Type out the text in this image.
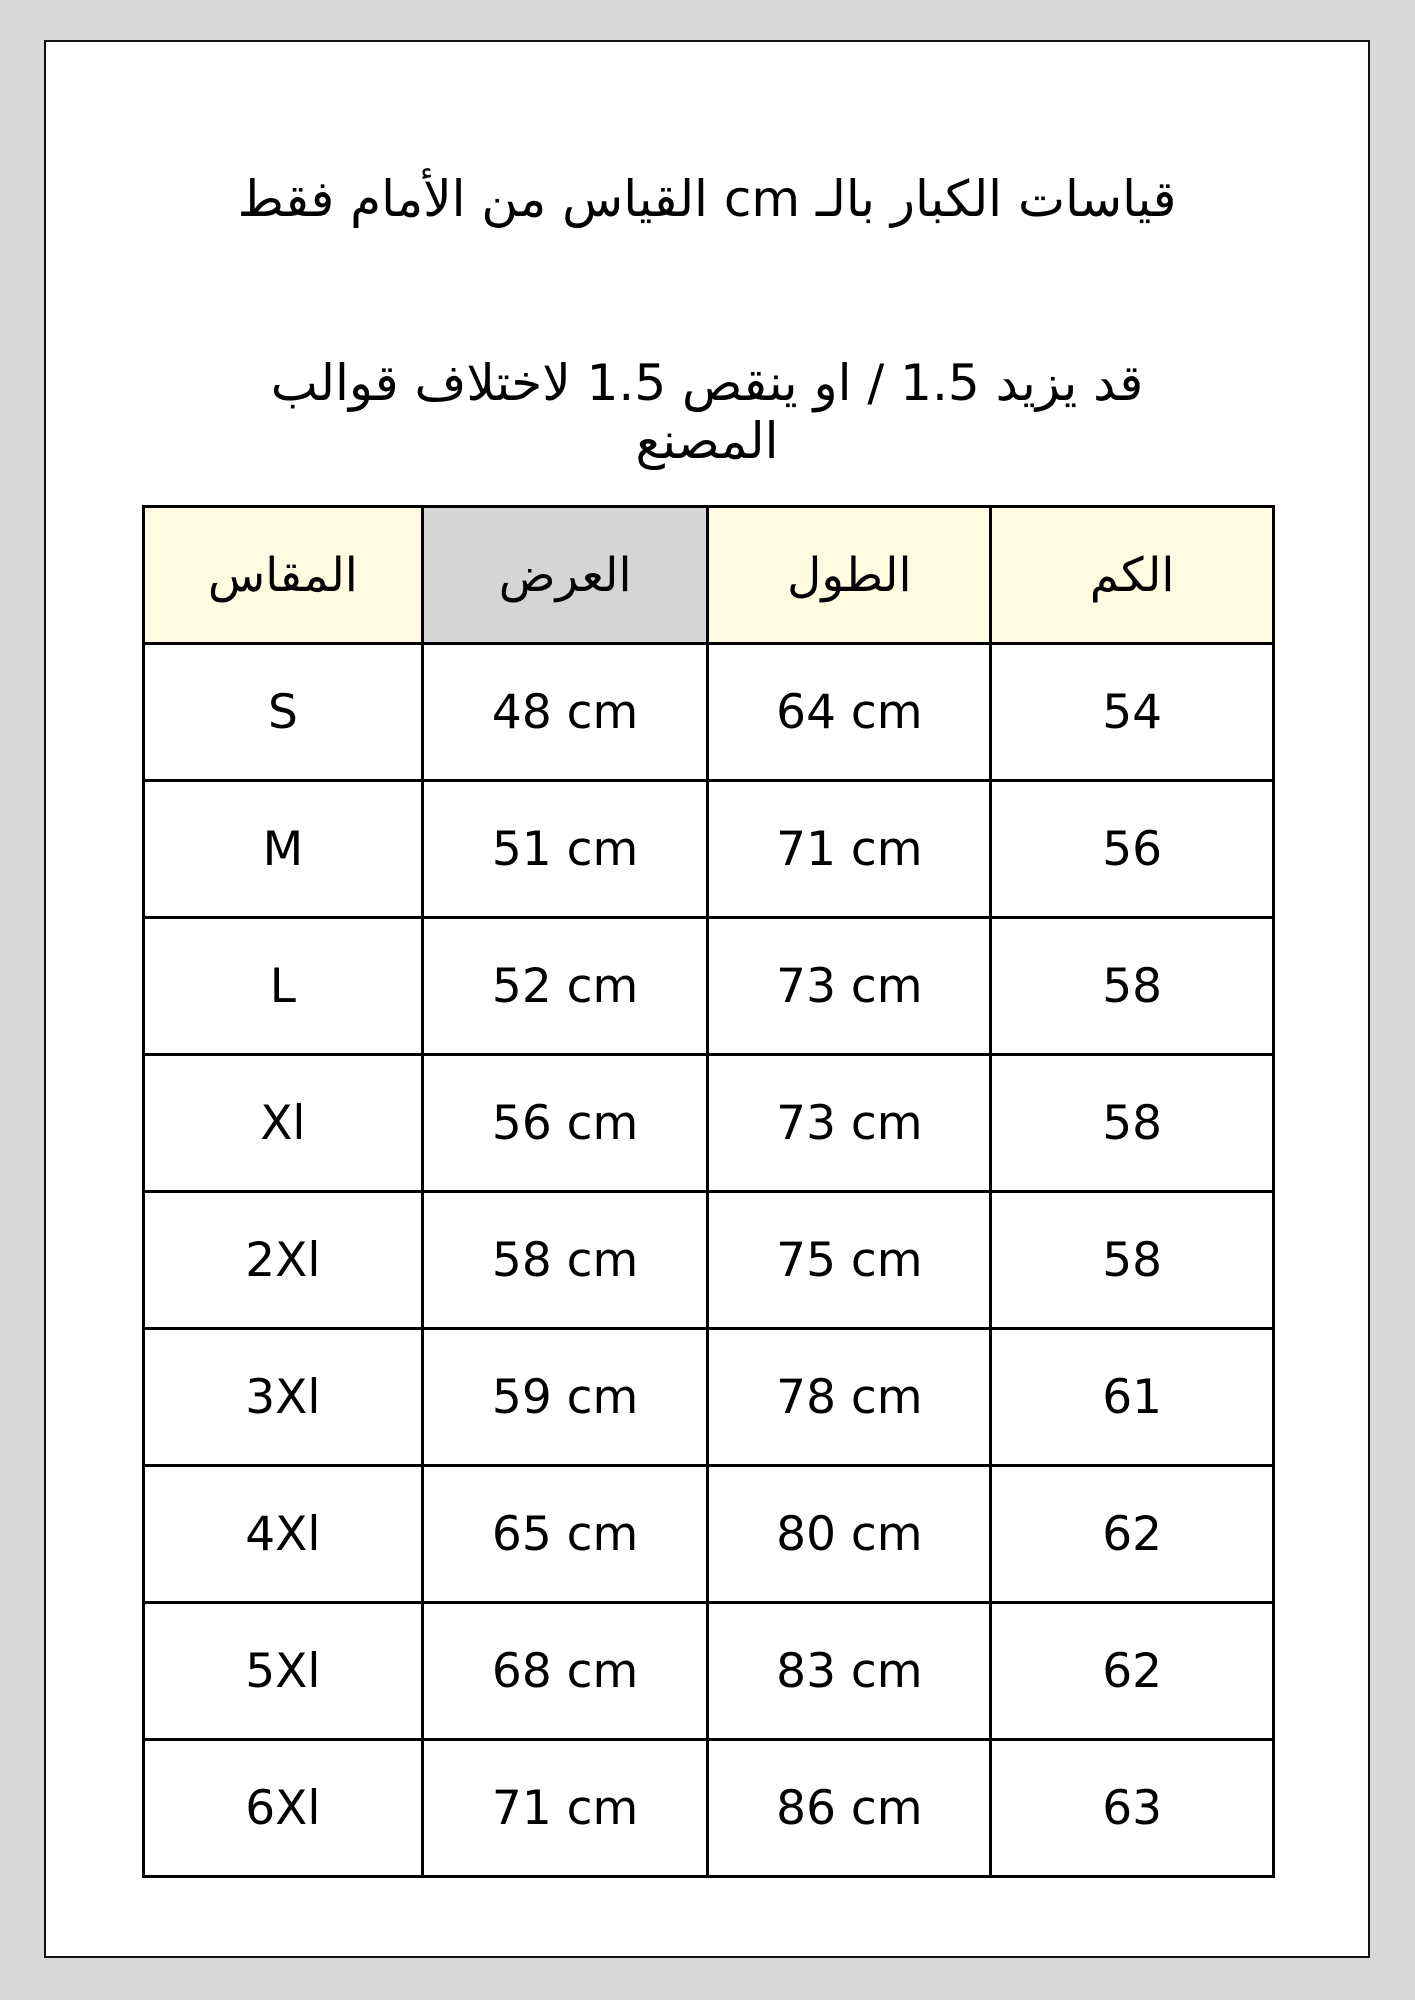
قياسات الكبار بالـ cm القياس من الأمام فقط
قد يزيد 1.5 / او ينقص 1.5 لاختلاف قوالب المصنع
المقاس	العرض	الطول	الكم
S	48 cm	64 cm	54
M	51 cm	71 cm	56
L	52 cm	73 cm	58
Xl	56 cm	73 cm	58
2Xl	58 cm	75 cm	58
3Xl	59 cm	78 cm	61
4Xl	65 cm	80 cm	62
5Xl	68 cm	83 cm	62
6Xl	71 cm	86 cm	63
